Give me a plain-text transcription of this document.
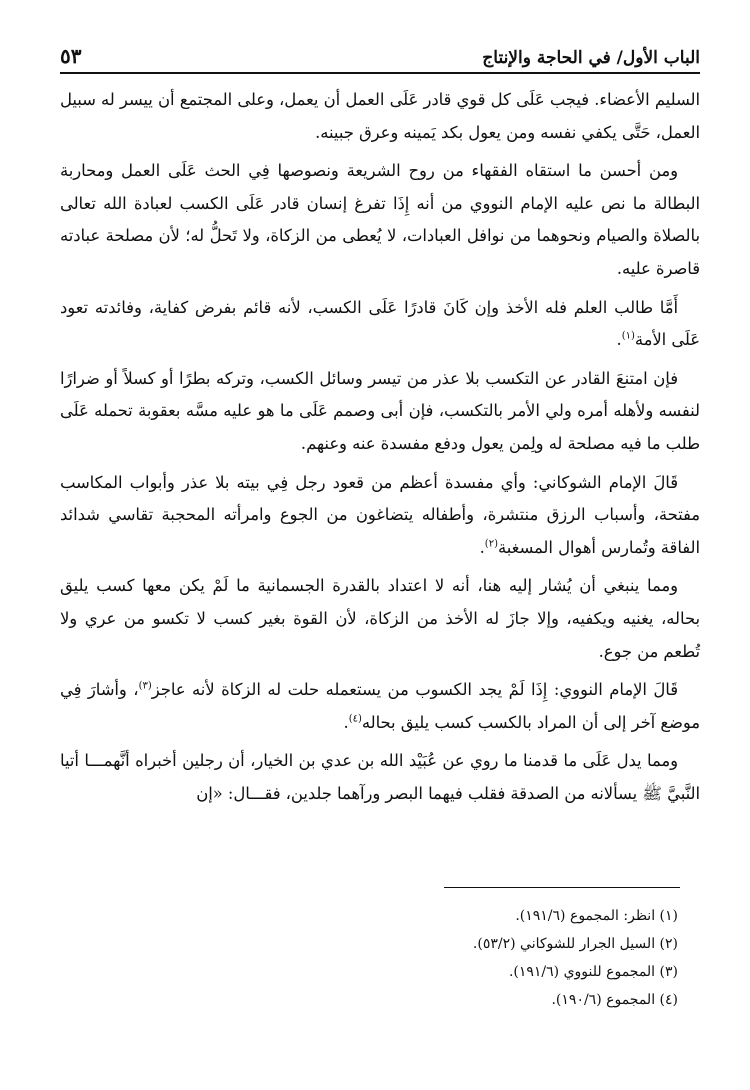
الباب الأول/ في الحاجة والإنتاج
٥٣

السليم الأعضاء. فيجب عَلَى كل قوي قادر عَلَى العمل أن يعمل، وعلى المجتمع أن ييسر له سبيل العمل، حَتَّى يكفي نفسه ومن يعول بكد يَمينه وعرق جبينه.

ومن أحسن ما استقاه الفقهاء من روح الشريعة ونصوصها فِي الحث عَلَى العمل ومحاربة البطالة ما نص عليه الإمام النووي من أنه إِذَا تفرغ إنسان قادر عَلَى الكسب لعبادة الله تعالى بالصلاة والصيام ونحوهما من نوافل العبادات، لا يُعطى من الزكاة، ولا تَحلُّ له؛ لأن مصلحة عبادته قاصرة عليه.

أَمَّا طالب العلم فله الأخذ وإن كَانَ قادرًا عَلَى الكسب، لأنه قائم بفرض كفاية، وفائدته تعود عَلَى الأمة$^{(١)}$.

فإن امتنعَ القادر عن التكسب بلا عذر من تيسر وسائل الكسب، وتركه بطرًا أو كسلاً أو ضرارًا لنفسه ولأهله أمره ولي الأمر بالتكسب، فإن أبى وصمم عَلَى ما هو عليه مسَّه بعقوبة تحمله عَلَى طلب ما فيه مصلحة له ولِمن يعول ودفع مفسدة عنه وعنهم.

قَالَ الإمام الشوكاني: وأي مفسدة أعظم من قعود رجل فِي بيته بلا عذر وأبواب المكاسب مفتحة، وأسباب الرزق منتشرة، وأطفاله يتضاغون من الجوع وامرأته المحجبة تقاسي شدائد الفاقة وتُمارس أهوال المسغبة$^{(٢)}$.

ومما ينبغي أن يُشار إليه هنا، أنه لا اعتداد بالقدرة الجسمانية ما لَمْ يكن معها كسب يليق بحاله، يغنيه ويكفيه، وإلا جازَ له الأخذ من الزكاة، لأن القوة بغير كسب لا تكسو من عري ولا تُطعم من جوع.

قَالَ الإمام النووي: إِذَا لَمْ يجد الكسوب من يستعمله حلت له الزكاة لأنه عاجز$^{(٣)}$، وأشارَ فِي موضع آخر إلى أن المراد بالكسب كسب يليق بحاله$^{(٤)}$.

ومما يدل عَلَى ما قدمنا ما روي عن عُبَيْد الله بن عدي بن الخيار، أن رجلين أخبراه أنَّهمـــا أتيا النَّبيَّ ﷺ يسألانه من الصدقة فقلب فيهما البصر ورآهما جلدين، فقـــال: «إن

(١) انظر: المجموع (١٩١/٦).
(٢) السيل الجرار للشوكاني (٥٣/٢).
(٣) المجموع للنووي (١٩١/٦).
(٤) المجموع (١٩٠/٦).
